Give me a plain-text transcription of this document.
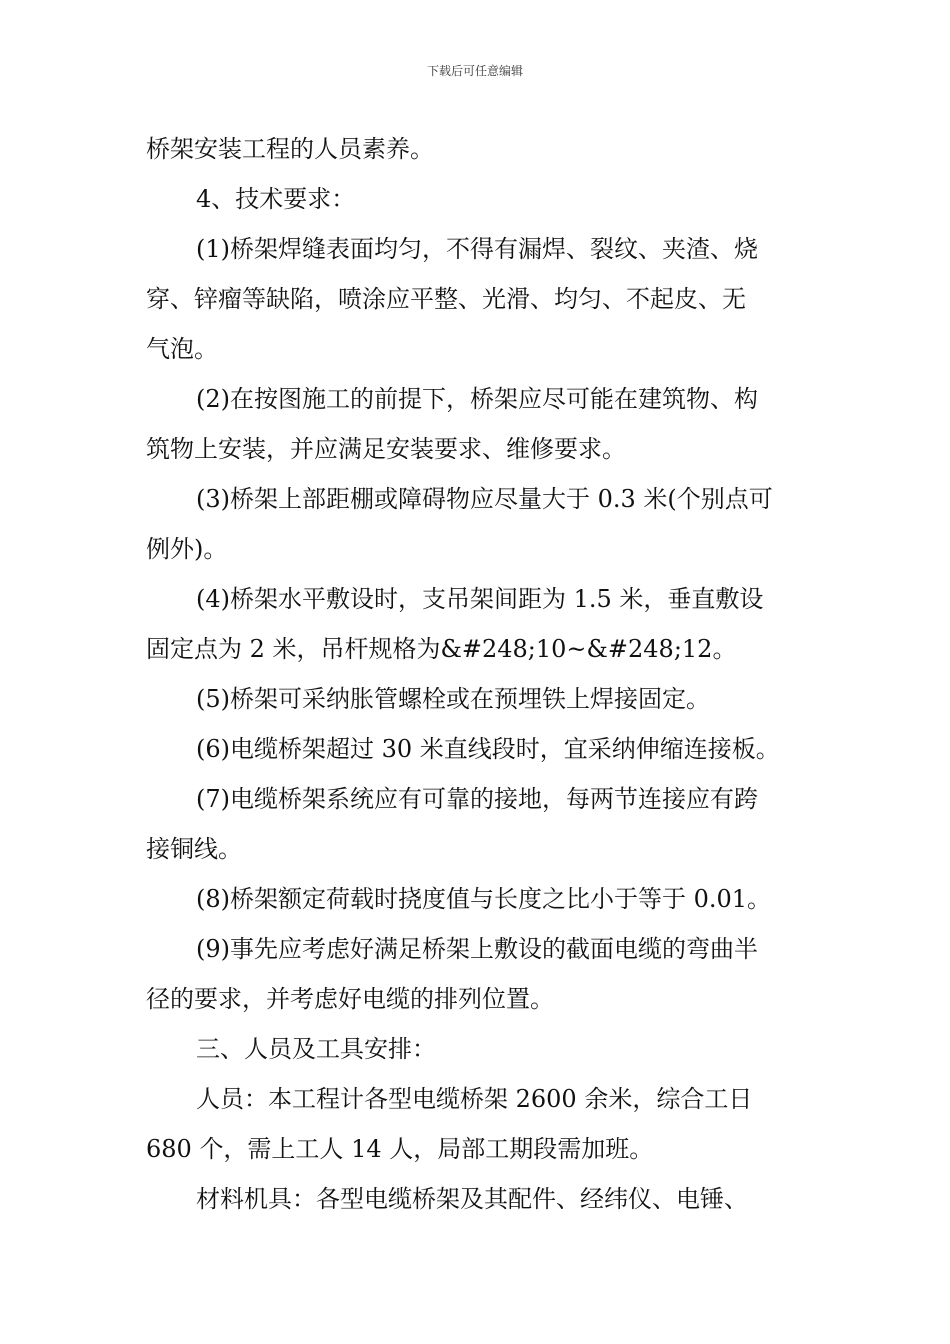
下载后可任意编辑
桥架安装工程的人员素养。
4、技术要求：
(1)桥架焊缝表面均匀，不得有漏焊、裂纹、夹渣、烧
穿、锌瘤等缺陷，喷涂应平整、光滑、均匀、不起皮、无
气泡。
(2)在按图施工的前提下，桥架应尽可能在建筑物、构
筑物上安装，并应满足安装要求、维修要求。
(3)桥架上部距棚或障碍物应尽量大于 0.3 米(个别点可
例外)。
(4)桥架水平敷设时，支吊架间距为 1.5 米，垂直敷设
固定点为 2 米，吊杆规格为&#248;10~&#248;12。
(5)桥架可采纳胀管螺栓或在预埋铁上焊接固定。
(6)电缆桥架超过 30 米直线段时，宜采纳伸缩连接板。
(7)电缆桥架系统应有可靠的接地，每两节连接应有跨
接铜线。
(8)桥架额定荷载时挠度值与长度之比小于等于 0.01。
(9)事先应考虑好满足桥架上敷设的截面电缆的弯曲半
径的要求，并考虑好电缆的排列位置。
三、人员及工具安排：
人员：本工程计各型电缆桥架 2600 余米，综合工日
680 个，需上工人 14 人，局部工期段需加班。
材料机具：各型电缆桥架及其配件、经纬仪、电锤、
